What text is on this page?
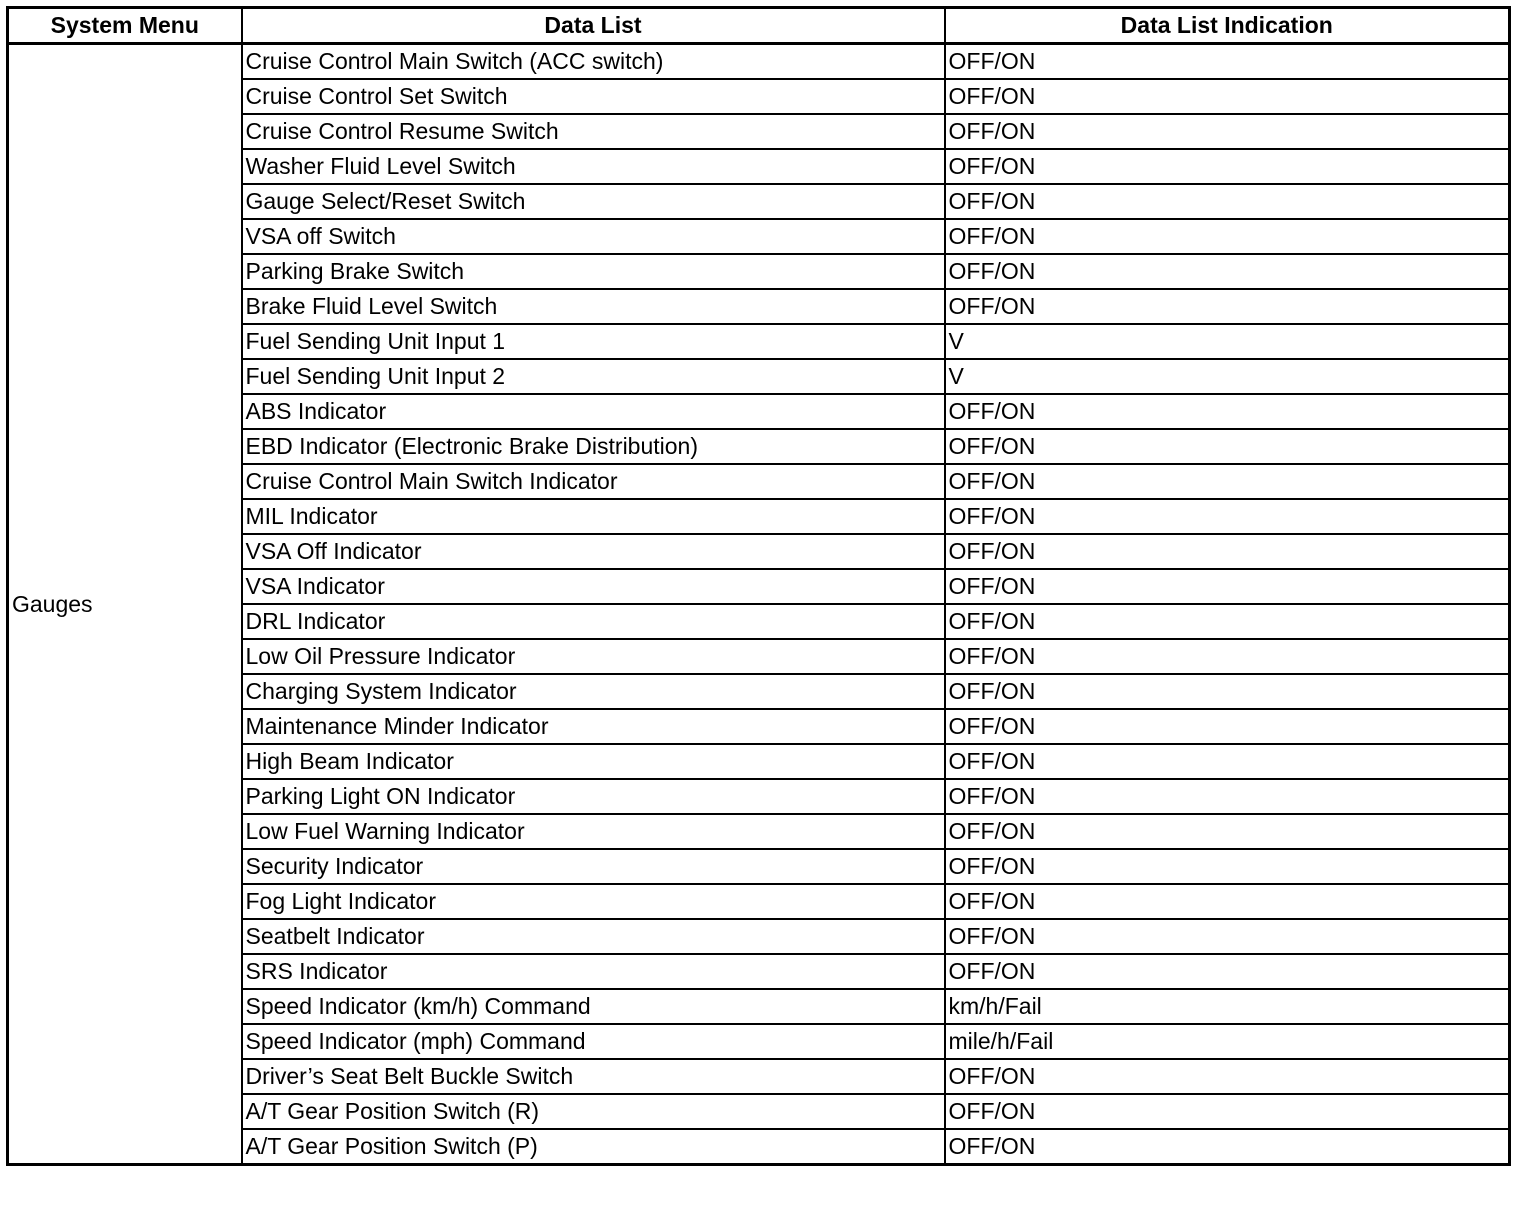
System Menu	Data List	Data List Indication
Gauges	Cruise Control Main Switch (ACC switch)	OFF/ON
	Cruise Control Set Switch	OFF/ON
	Cruise Control Resume Switch	OFF/ON
	Washer Fluid Level Switch	OFF/ON
	Gauge Select/Reset Switch	OFF/ON
	VSA off Switch	OFF/ON
	Parking Brake Switch	OFF/ON
	Brake Fluid Level Switch	OFF/ON
	Fuel Sending Unit Input 1	V
	Fuel Sending Unit Input 2	V
	ABS Indicator	OFF/ON
	EBD Indicator (Electronic Brake Distribution)	OFF/ON
	Cruise Control Main Switch Indicator	OFF/ON
	MIL Indicator	OFF/ON
	VSA Off Indicator	OFF/ON
	VSA Indicator	OFF/ON
	DRL Indicator	OFF/ON
	Low Oil Pressure Indicator	OFF/ON
	Charging System Indicator	OFF/ON
	Maintenance Minder Indicator	OFF/ON
	High Beam Indicator	OFF/ON
	Parking Light ON Indicator	OFF/ON
	Low Fuel Warning Indicator	OFF/ON
	Security Indicator	OFF/ON
	Fog Light Indicator	OFF/ON
	Seatbelt Indicator	OFF/ON
	SRS Indicator	OFF/ON
	Speed Indicator (km/h) Command	km/h/Fail
	Speed Indicator (mph) Command	mile/h/Fail
	Driver’s Seat Belt Buckle Switch	OFF/ON
	A/T Gear Position Switch (R)	OFF/ON
	A/T Gear Position Switch (P)	OFF/ON
